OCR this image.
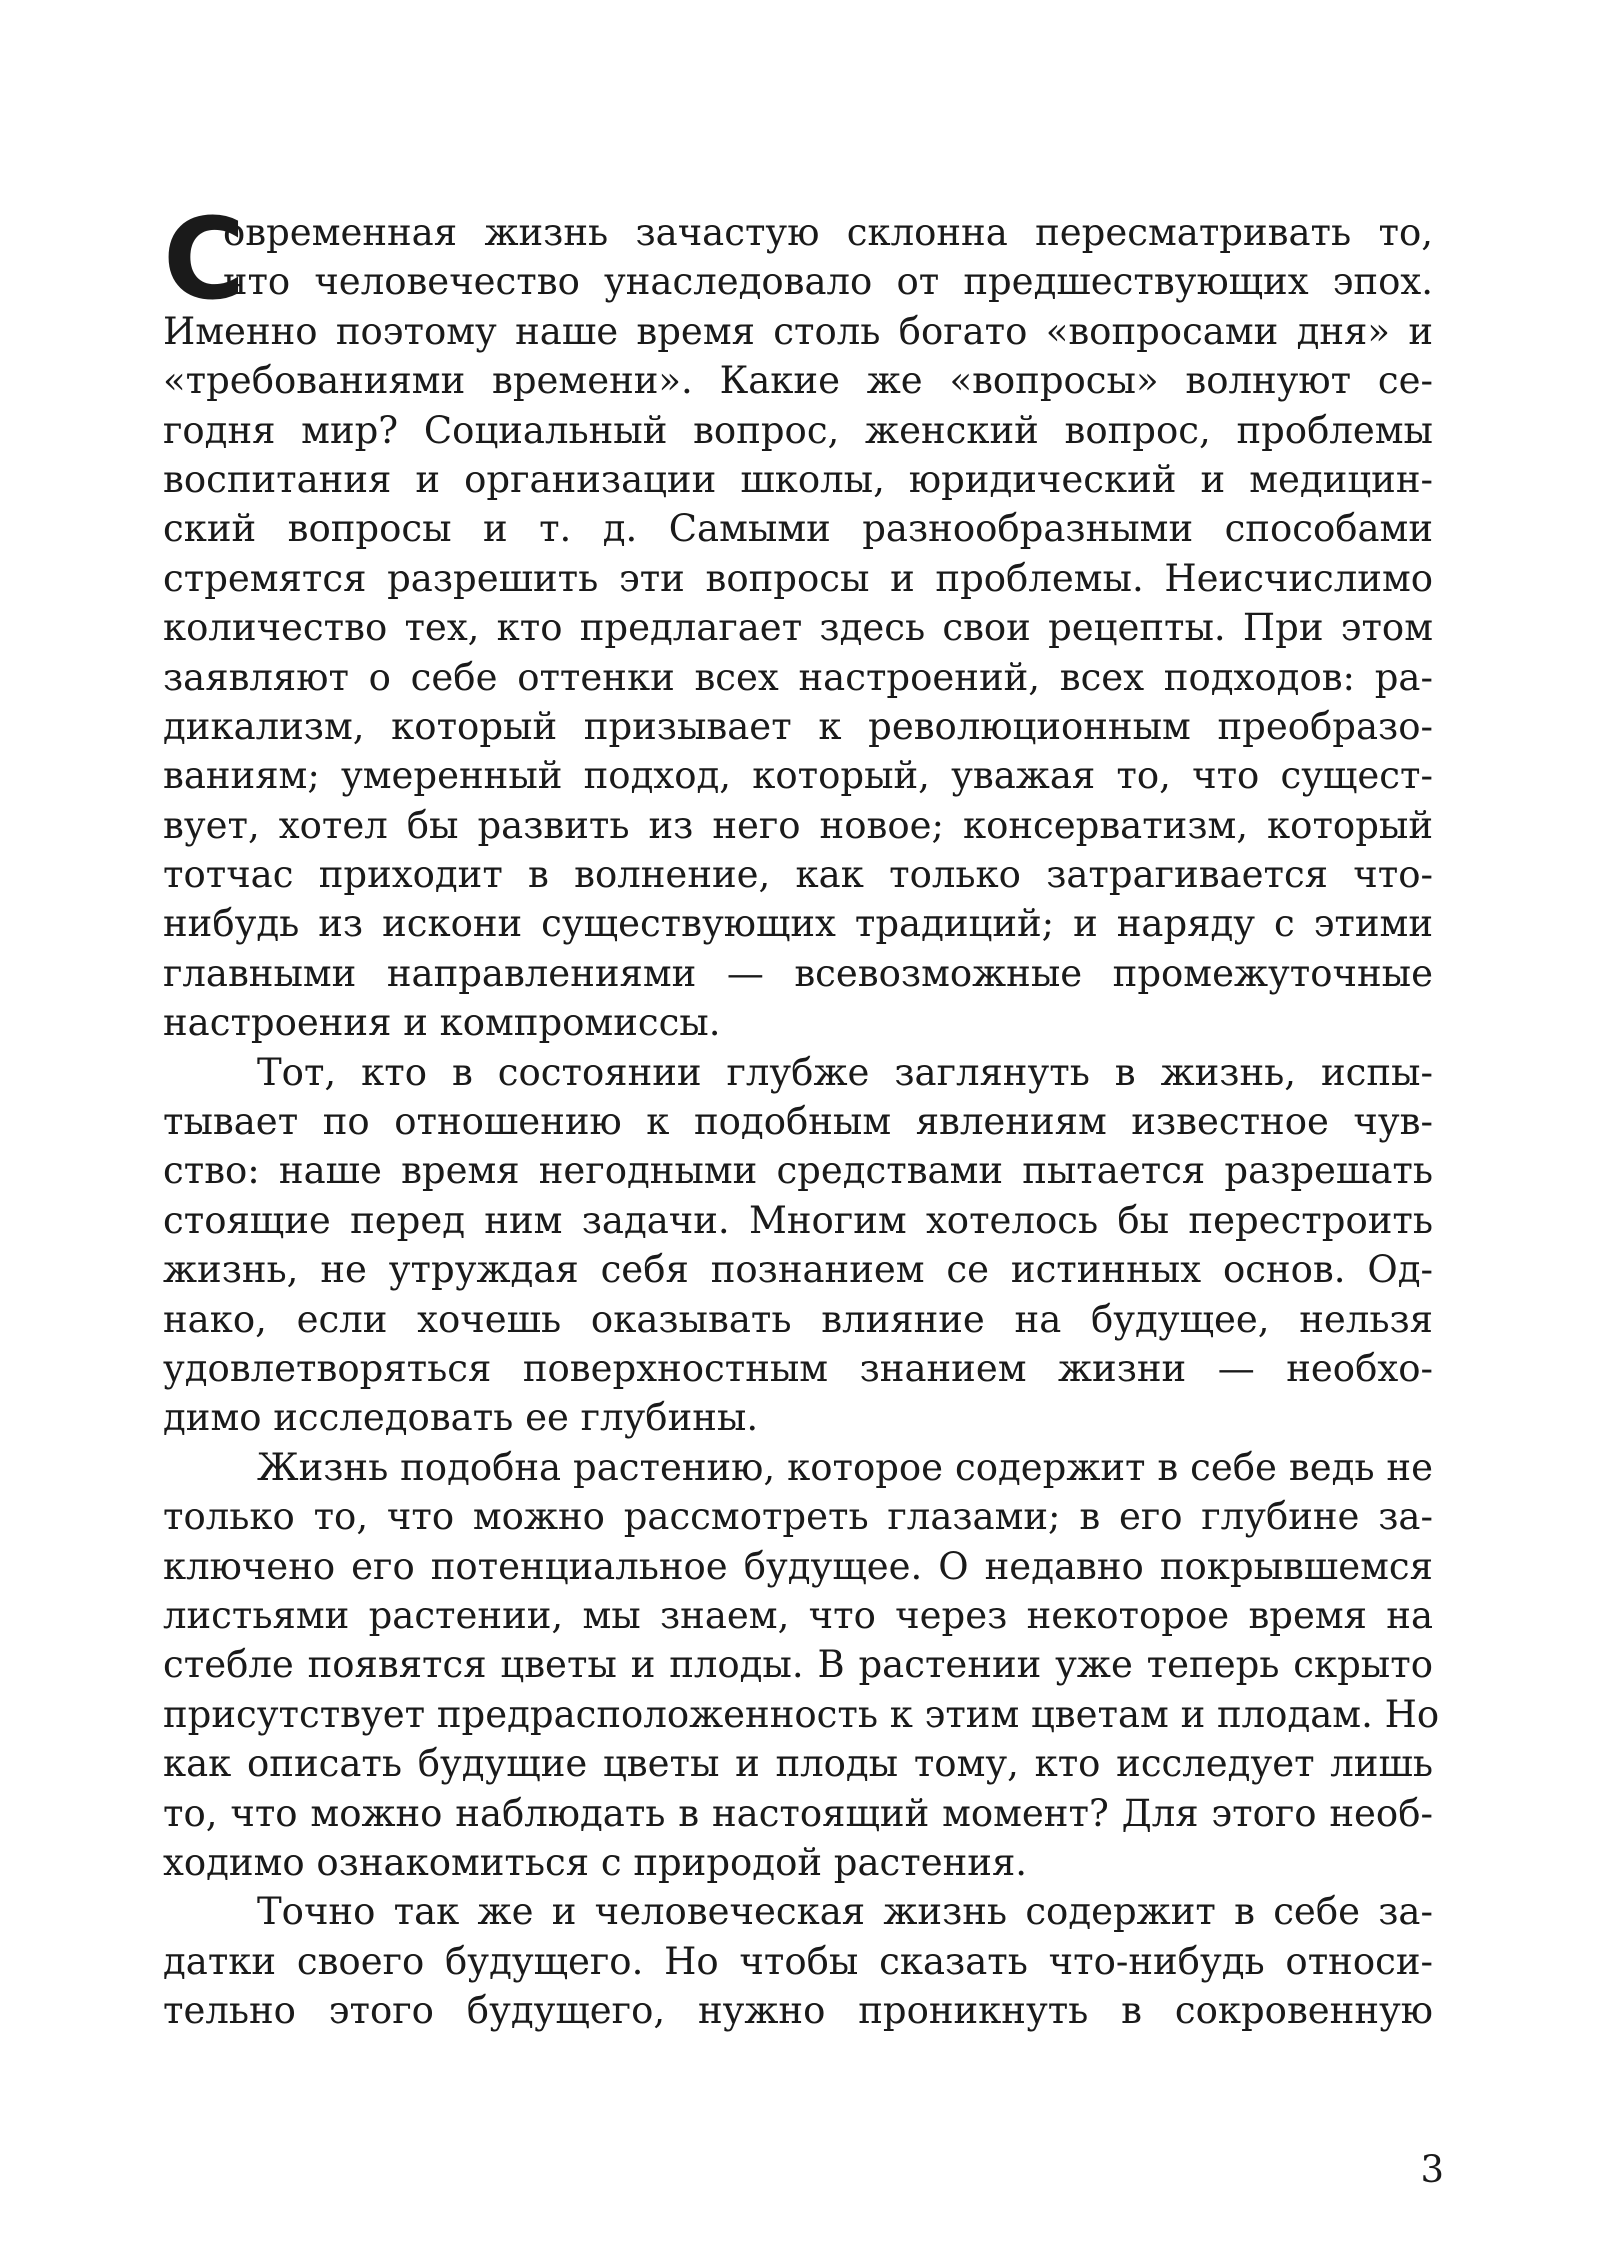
С
овременная жизнь зачастую склонна пересматривать то,
что человечество унаследовало от предшествующих эпох.
Именно поэтому наше время столь богато «вопросами дня» и
«требованиями времени». Какие же «вопросы» волнуют се-
годня мир? Социальный вопрос, женский вопрос, проблемы
воспитания и организации школы, юридический и медицин-
ский вопросы и т. д. Самыми разнообразными способами
стремятся разрешить эти вопросы и проблемы. Неисчислимо
количество тех, кто предлагает здесь свои рецепты. При этом
заявляют о себе оттенки всех настроений, всех подходов: ра-
дикализм, который призывает к революционным преобразо-
ваниям; умеренный подход, который, уважая то, что сущест-
вует, хотел бы развить из него новое; консерватизм, который
тотчас приходит в волнение, как только затрагивается что-
нибудь из искони существующих традиций; и наряду с этими
главными направлениями — всевозможные промежуточные
настроения и компромиссы.
Тот, кто в состоянии глубже заглянуть в жизнь, испы-
тывает по отношению к подобным явлениям известное чув-
ство: наше время негодными средствами пытается разрешать
стоящие перед ним задачи. Многим хотелось бы перестроить
жизнь, не утруждая себя познанием се истинных основ. Од-
нако, если хочешь оказывать влияние на будущее, нельзя
удовлетворяться поверхностным знанием жизни — необхо-
димо исследовать ее глубины.
Жизнь подобна растению, которое содержит в себе ведь не
только то, что можно рассмотреть глазами; в его глубине за-
ключено его потенциальное будущее. О недавно покрывшемся
листьями растении, мы знаем, что через некоторое время на
стебле появятся цветы и плоды. В растении уже теперь скрыто
присутствует предрасположенность к этим цветам и плодам. Но
как описать будущие цветы и плоды тому, кто исследует лишь
то, что можно наблюдать в настоящий момент? Для этого необ-
ходимо ознакомиться с природой растения.
Точно так же и человеческая жизнь содержит в себе за-
датки своего будущего. Но чтобы сказать что-нибудь относи-
тельно этого будущего, нужно проникнуть в сокровенную
3
